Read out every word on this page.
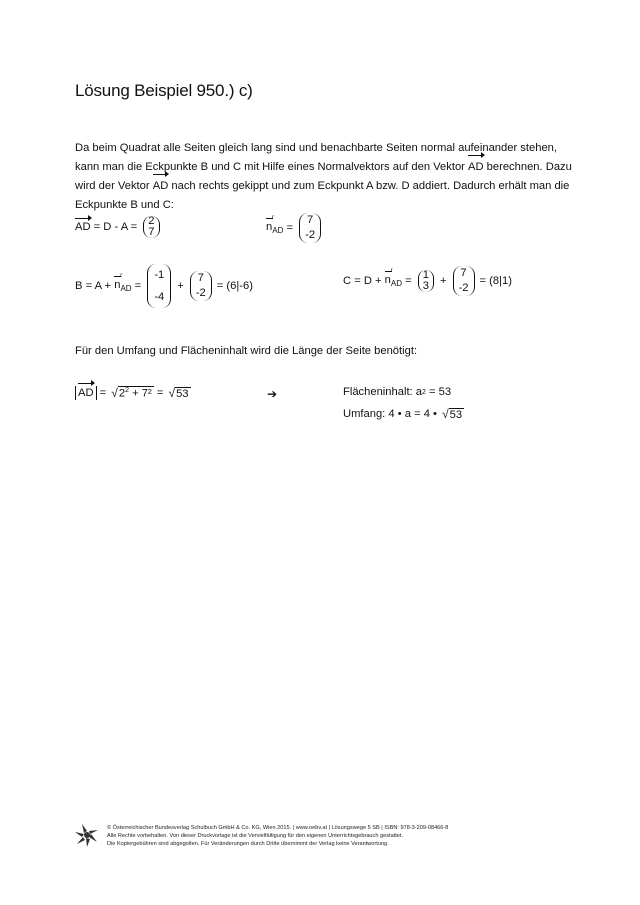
Lösung Beispiel 950.) c)

Da beim Quadrat alle Seiten gleich lang sind und benachbarte Seiten normal aufeinander stehen,

kann man die Eckpunkte B und C mit Hilfe eines Normalvektors auf den Vektor AD berechnen. Dazu

wird der Vektor AD nach rechts gekippt und zum Eckpunkt A bzw. D addiert. Dadurch erhält man die

Eckpunkte B und C:

AD = D - A = 2
7	n
r
$_{AD}$ =
7
-2
B = A + n
r
$_{AD}$ =
-1
-4
+
7
-2
= (6|-6)	C = D + n
r
$_{AD}$ = 1
3 +
7
-2
= (8|1)
Für den Umfang und Flächeninhalt wird die Länge der Seite benötigt:
AD = √ $2^2 + 7^2$ = √ 53	➔	Flächeninhalt: a 2 = 53
Umfang: 4 • a = 4 • √ 53
© Österreichischer Bundesverlag Schulbuch GmbH & Co. KG, Wien 2015. | www.oebv.at | Lösungswege 5 SB | ISBN: 978-3-209-08466-8
Alle Rechte vorbehalten. Von dieser Druckvorlage ist die Vervielfältigung für den eigenen Unterrichtsgebrauch gestattet.
Die Kopiergebühren sind abgegolten. Für Veränderungen durch Dritte übernimmt der Verlag keine Verantwortung.
